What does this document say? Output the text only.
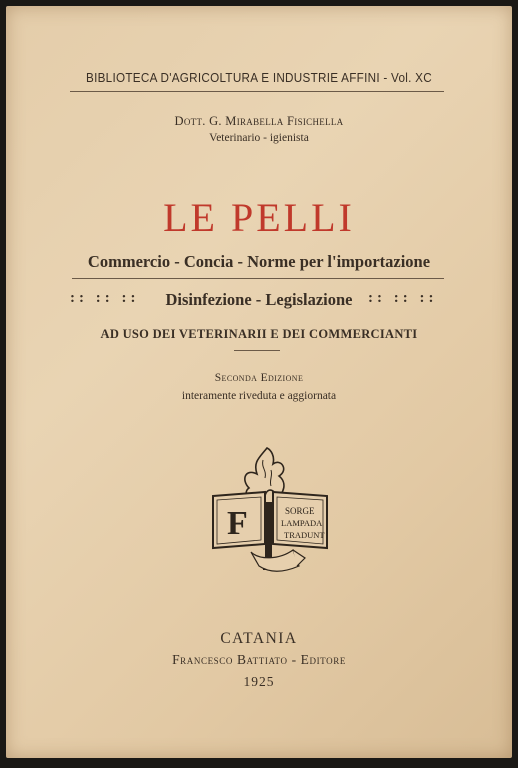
BIBLIOTECA D'AGRICOLTURA E INDUSTRIE AFFINI - Vol. XC
Dott. G. Mirabella Fisichella
Veterinario - igienista
LE PELLI
Commercio - Concia - Norme per l'importazione
:: :: ::	Disinfezione - Legislazione	:: :: ::
AD USO DEI VETERINARII E DEI COMMERCIANTI
Seconda Edizione
interamente riveduta e aggiornata
F	SORGE
LAMPADA
TRADUNT
CATANIA
Francesco Battiato - Editore
1925
